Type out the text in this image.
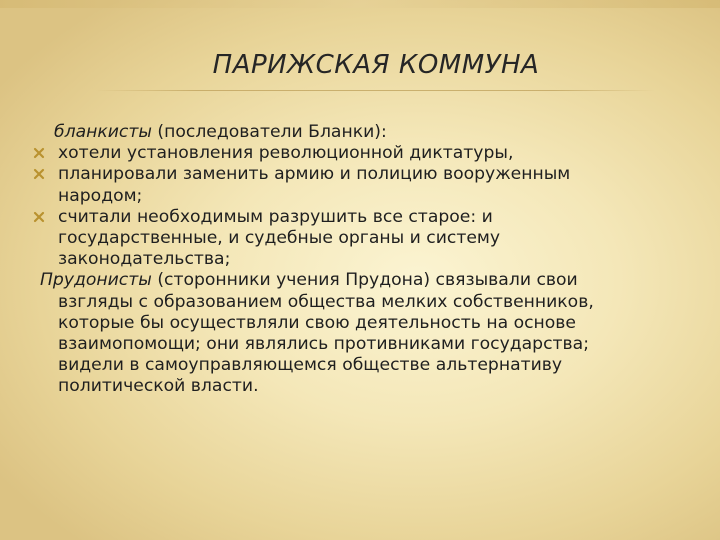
ПАРИЖСКАЯ КОММУНА
бланкисты (последователи Бланки):
хотели установления революционной диктатуры,
планировали заменить армию и полицию вооруженным
народом;
считали необходимым разрушить все старое: и
государственные, и судебные органы и систему
законодательства;
Прудонисты (сторонники учения Прудона) связывали свои
взгляды с образованием общества мелких собственников,
которые бы осуществляли свою деятельность на основе
взаимопомощи; они являлись противниками государства;
видели в самоуправляющемся обществе альтернативу
политической власти.
